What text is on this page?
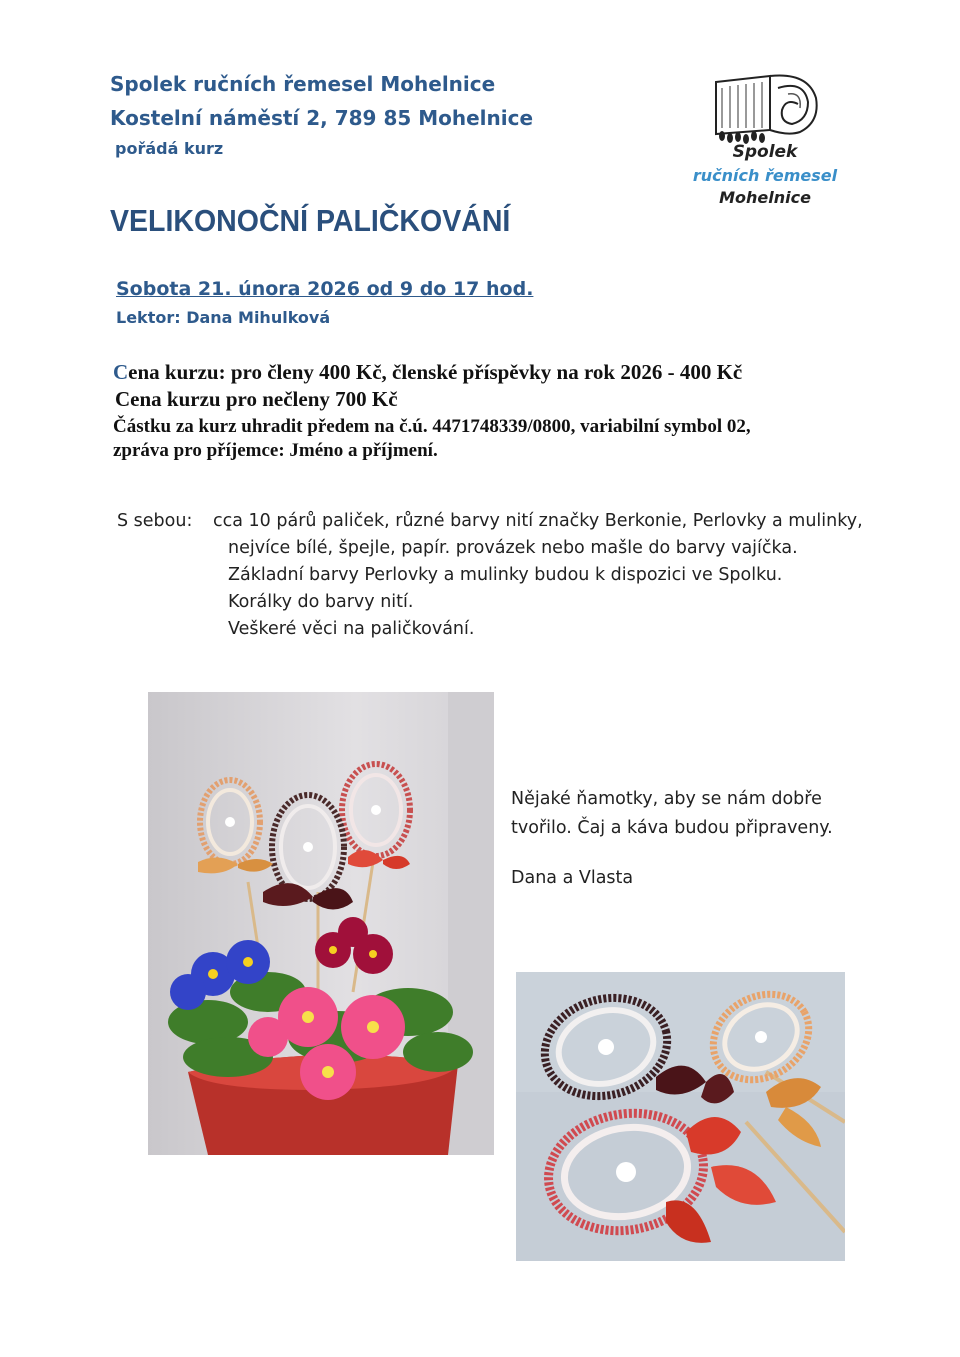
Spolek ručních řemesel Mohelnice
Kostelní náměstí 2, 789 85 Mohelnice
pořádá kurz	Spolek
ručních řemesel
Mohelnice
VELIKONOČNÍ PALIČKOVÁNÍ
Sobota 21. února 2026 od 9 do 17 hod.
Lektor: Dana Mihulková
Cena kurzu: pro členy 400 Kč, členské příspěvky na rok 2026 - 400 Kč
Cena kurzu pro nečleny 700 Kč
Částku za kurz uhradit předem na č.ú. 4471748339/0800, variabilní symbol 02,
zpráva pro příjemce: Jméno a příjmení.
S sebou: cca 10 párů paliček, různé barvy nití značky Berkonie, Perlovky a mulinky,
nejvíce bílé, špejle, papír. provázek nebo mašle do barvy vajíčka.
Základní barvy Perlovky a mulinky budou k dispozici ve Spolku.
Korálky do barvy nití.
Veškeré věci na paličkování.
Nějaké ňamotky, aby se nám dobře
tvořilo. Čaj a káva budou připraveny.
Dana a Vlasta
